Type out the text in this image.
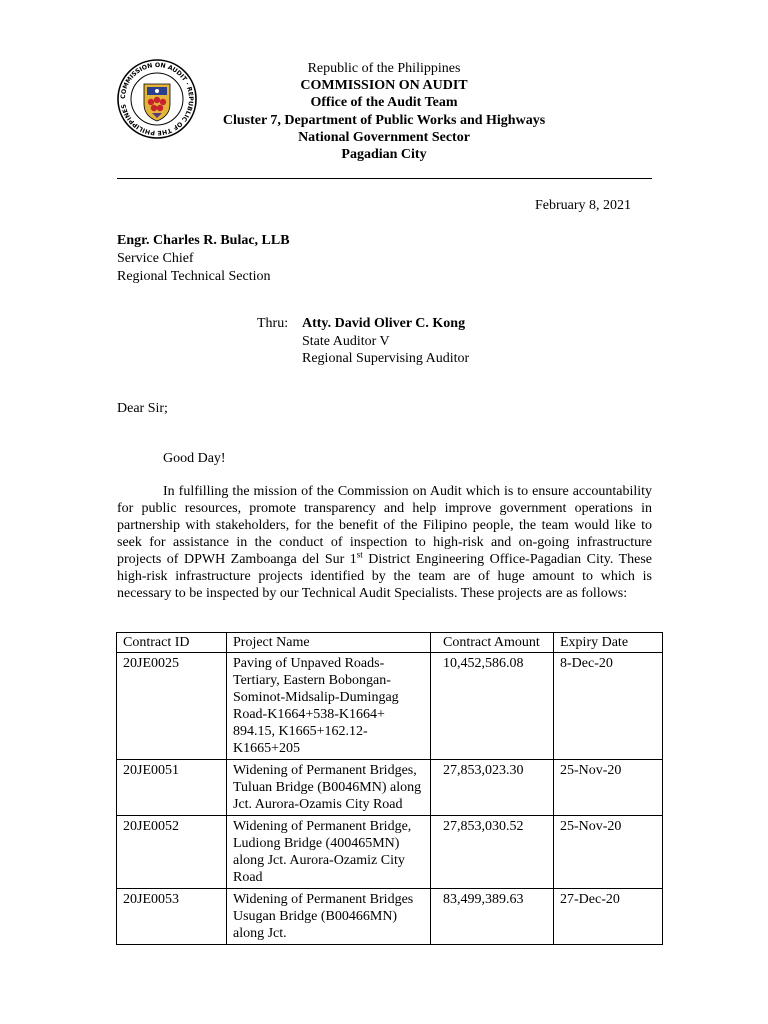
COMMISSION ON AUDIT · REPUBLIC OF THE PHILIPPINES
Republic of the Philippines
COMMISSION ON AUDIT
Office of the Audit Team
Cluster 7, Department of Public Works and Highways
National Government Sector
Pagadian City
February 8, 2021
Engr. Charles R. Bulac, LLB
Service Chief
Regional Technical Section
Thru: Atty. David Oliver C. Kong
State Auditor V
Regional Supervising Auditor
Dear Sir;
Good Day!
In fulfilling the mission of the Commission on Audit which is to ensure accountability for public resources, promote transparency and help improve government operations in partnership with stakeholders, for the benefit of the Filipino people, the team would like to seek for assistance in the conduct of inspection to high-risk and on-going infrastructure projects of DPWH Zamboanga del Sur 1st District Engineering Office-Pagadian City. These high-risk infrastructure projects identified by the team are of huge amount to which is necessary to be inspected by our Technical Audit Specialists. These projects are as follows:
Contract ID	Project Name	Contract Amount	Expiry Date
20JE0025	Paving of Unpaved Roads-Tertiary, Eastern Bobongan-Sominot-Midsalip-Dumingag Road-K1664+538-K1664+ 894.15, K1665+162.12-K1665+205	10,452,586.08	8-Dec-20
20JE0051	Widening of Permanent Bridges, Tuluan Bridge (B0046MN) along Jct. Aurora-Ozamis City Road	27,853,023.30	25-Nov-20
20JE0052	Widening of Permanent Bridge, Ludiong Bridge (400465MN) along Jct. Aurora-Ozamiz City Road	27,853,030.52	25-Nov-20
20JE0053	Widening of Permanent Bridges Usugan Bridge (B00466MN) along Jct.	83,499,389.63	27-Dec-20
